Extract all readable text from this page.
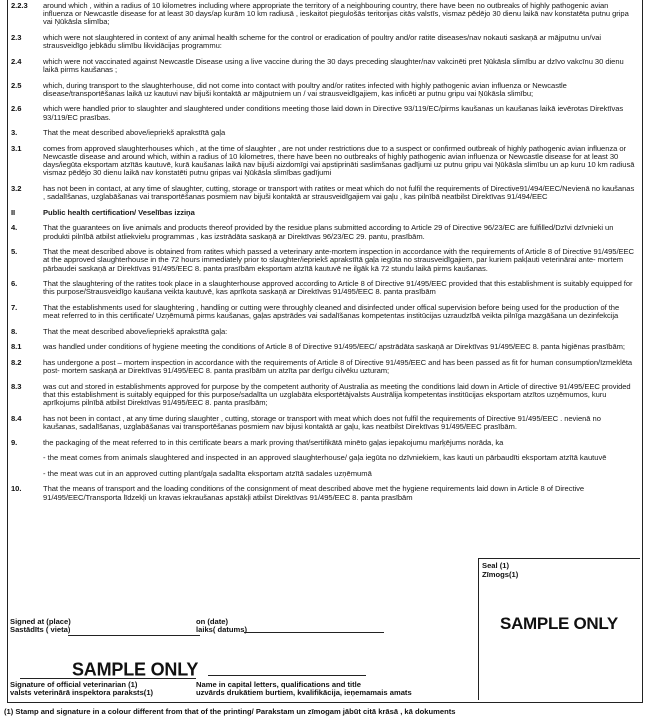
2.2.3	around which , within a radius of 10 kilometres including where appropriate the territory of a neighbouring country, there have been no outbreaks of highly pathogenic avian influenza or Newcastle disease for at least 30 days/ap kurām 10 km radiusā , ieskaitot piegulošās teritorijas citās valstīs, vismaz pēdējo 30 dienu laikā nav konstatēta putnu gripa vai Ņūkāsla slimība;
2.3	which were not slaughtered in context of any animal health scheme for the control or eradication of poultry and/or ratite diseases/nav nokauti saskaņā ar mājputnu un/vai strausveidīgo jebkādu slimību likvidācijas programmu:
2.4	which were not vaccinated against Newcastle Disease using a live vaccine during the 30 days preceding slaughter/nav vakcinēti pret Ņūkāsla slimību ar dzīvo vakcīnu 30 dienu laikā pirms kaušanas ;
2.5	which, during transport to the slaughterhouse, did not come into contact with poultry and/or ratites infected with highly pathogenic avian influenza or Newcastle disease/transportēšanas laikā uz kautuvi nav bijuši kontaktā ar mājputniem un / vai strausveidīgajiem, kas inficēti ar putnu gripu vai Ņūkāsla slimību;
2.6	which were handled prior to slaughter and slaughtered under conditions meeting those laid down in Directive 93/119/EC/pirms kaušanas un kaušanas laikā ievērotas Direktīvas 93/119/EC prasības.
3.	That the meat described above/iepriekš aprakstītā gaļa
3.1	comes from approved slaughterhouses which , at the time of slaughter , are not under restrictions due to a suspect or confirmed outbreak of highly pathogenic avian influenza or Newcastle disease and around which, within a radius of 10 kilometres, there have been no outbreaks of highly pathogenic avian influenza or Newcastle disease for at least 30 days/iegūta eksportam atzītās kautuvē, kurā kaušanas laikā nav bijuši aizdomīgi vai apstiprināti saslimšanas gadījumi uz putnu gripu vai Ņūkāsla slimību un ap kuru 10 km radiusā vismaz pēdējo 30 dienu laikā nav konstatēti putnu gripas vai Ņūkāsla slimības gadījumi
3.2	has not been in contact, at any time of slaughter, cutting, storage or transport with ratites or meat which do not fulfil the requirements of Directive91/494/EEC/Nevienā no kaušanas , sadalīšanas, uzglabāšanas vai transportēšanas posmiem nav bijuši kontaktā ar strausveidīgajiem vai gaļu , kas pilnībā neatbilst Direktīvas 91/494/EEC
II	Public health certification/ Veselības izziņa
4.	That the guarantees on live animals and products thereof provided by the residue plans submitted according to Article 29 of Directive 96/23/EC are fulfilled/Dzīvi dzīvnieki un produkti pilnībā atbilst atliekvielu programmas , kas izstrādāta saskaņā ar Direktīvas 96/23/EC 29. pantu, prasībām.
5.	That the meat described above is obtained from ratites which passed a veterinary ante-mortem inspection in accordance with the requirements of Article 8 of Directive 91/495/EEC at the approved slaughterhouse in the 72 hours immediately prior to slaughter/iepriekš aprakstītā gaļa iegūta no strausveidīgajiem, par kuriem pakļauti veterinārai ante- mortem pārbaudei saskaņā ar Direktīvas 91/495/EEC 8. panta prasībām eksportam atzītā kautuvē ne ilgāk kā 72 stundu laikā pirms kaušanas.
6.	That the slaughtering of the ratites took place in a slaughterhouse approved according to Article 8 of Directive 91/495/EEC provided that this establishment is suitably equipped for this purpose/Strausveidīgo kaušana veikta kautuvē, kas aprīkota saskaņā ar Direktīvas 91/495/EEC 8. panta prasībām
7.	That the establishments used for slaughtering , handling or cutting were throughly cleaned and disinfected under offical supervision before being used for the production of the meat referred to in this certificate/ Uzņēmumā pirms kaušanas, gaļas apstrādes vai sadalīšanas kompetentas institūcijas uzraudzībā veikta pilnīga mazgāšana un dezinfekcija
8.	That the meat described above/iepriekš aprakstītā gaļa:
8.1	was handled under conditions of hygiene meeting the conditions of Article 8 of Directive 91/495/EEC/ apstrādāta saskaņā ar Direktīvas 91/495/EEC 8. panta higiēnas prasībām;
8.2	has undergone a post – mortem inspection in accordance with the requirements of Article 8 of Directive 91/495/EEC and has been passed as fit for human consumption/Izmeklēta post- mortem saskaņā ar Direktīvas 91/495/EEC 8. panta prasībām un atzīta par derīgu cilvēku uzturam;
8.3	was cut and stored in establishments approved for purpose by the competent authority of Australia as meeting the conditions laid down in Article of directive 91/495/EEC provided that this establishment is suitably equipped for this purpose/sadalīta un uzglabāta eksportētājvalsts Austrālija kompetentas institūcijas eksportam atzītos uzņēmumos, kuru aprīkojums pilnībā atbilst Direktīvas 91/495/EEC 8. panta prasībām;
8.4	has not been in contact , at any time during slaughter , cutting, storage or transport with meat which does not fulfil the requirements of Directive 91/495/EEC . nevienā no kaušanas, sadalīšanas, uzglabāšanas vai transportēšanas posmiem nav bijusi kontaktā ar gaļu, kas neatbilst Direktīvas 91/495/EEC prasībām.
9.	the packaging of the meat referred to in this certificate bears a mark proving that/sertifikātā minēto gaļas iepakojumu marķējums norāda, ka
- the meat comes from animals slaughtered and inspected in an approved slaughterhouse/ gaļa iegūta no dzīvniekiem, kas kauti un pārbaudīti eksportam atzītā kautuvē
- the meat was cut in an approved cutting plant/gaļa sadalīta eksportam atzītā sadales uzņēmumā
10.	That the means of transport and the loading conditions of the consignment of meat described above met the hygiene requirements laid down in Article 8 of Directive 91/495/EEC/Transporta līdzekļi un kravas iekraušanas apstākļi atbilst Direktīvas 91/495/EEC 8. panta prasībām
Seal (1)
Zīmogs(1)
SAMPLE ONLY
Signed at (place)
Sastādīts ( vieta)
on (date)
laiks( datums)
SAMPLE ONLY
Signature of official veterinarian (1)
valsts veterinārā inspektora paraksts(1)
Name in capital letters, qualifications and title
uzvārds drukātiem burtiem, kvalifikācija, ieņemamais amats
(1) Stamp and signature in a colour different from that of the printing/ Parakstam un zīmogam jābūt citā krāsā , kā dokuments
